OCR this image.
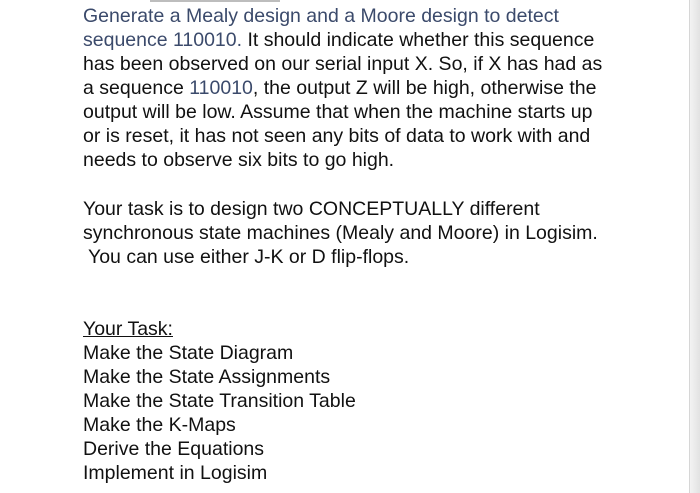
Generate a Mealy design and a Moore design to detect
sequence 110010. It should indicate whether this sequence
has been observed on our serial input X. So, if X has had as
a sequence 110010, the output Z will be high, otherwise the
output will be low. Assume that when the machine starts up
or is reset, it has not seen any bits of data to work with and
needs to observe six bits to go high.
Your task is to design two CONCEPTUALLY different
synchronous state machines (Mealy and Moore) in Logisim.
You can use either J-K or D flip-flops.
Your Task:
Make the State Diagram
Make the State Assignments
Make the State Transition Table
Make the K-Maps
Derive the Equations
Implement in Logisim
